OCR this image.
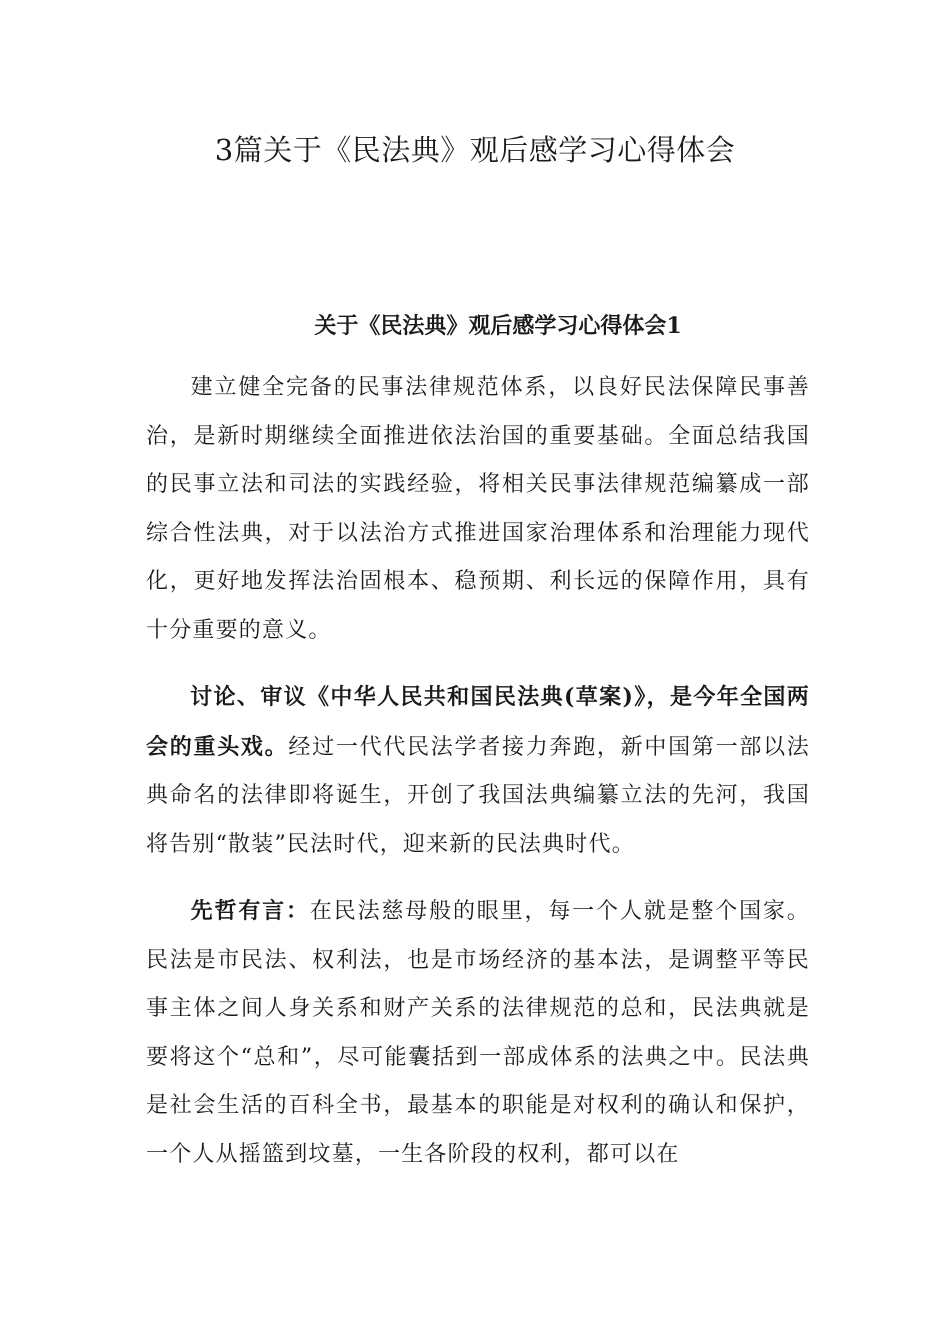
3篇关于《民法典》观后感学习心得体会
关于《民法典》观后感学习心得体会1

建立健全完备的民事法律规范体系，以良好民法保障民事善治，是新时期继续全面推进依法治国的重要基础。全面总结我国的民事立法和司法的实践经验，将相关民事法律规范编纂成一部综合性法典，对于以法治方式推进国家治理体系和治理能力现代化，更好地发挥法治固根本、稳预期、利长远的保障作用，具有十分重要的意义。

讨论、审议《中华人民共和国民法典(草案)》，是今年全国两会的重头戏。经过一代代民法学者接力奔跑，新中国第一部以法典命名的法律即将诞生，开创了我国法典编纂立法的先河，我国将告别“散装”民法时代，迎来新的民法典时代。

先哲有言：在民法慈母般的眼里，每一个人就是整个国家。民法是市民法、权利法，也是市场经济的基本法，是调整平等民事主体之间人身关系和财产关系的法律规范的总和，民法典就是要将这个“总和”，尽可能囊括到一部成体系的法典之中。民法典是社会生活的百科全书，最基本的职能是对权利的确认和保护，一个人从摇篮到坟墓，一生各阶段的权利，都可以在
